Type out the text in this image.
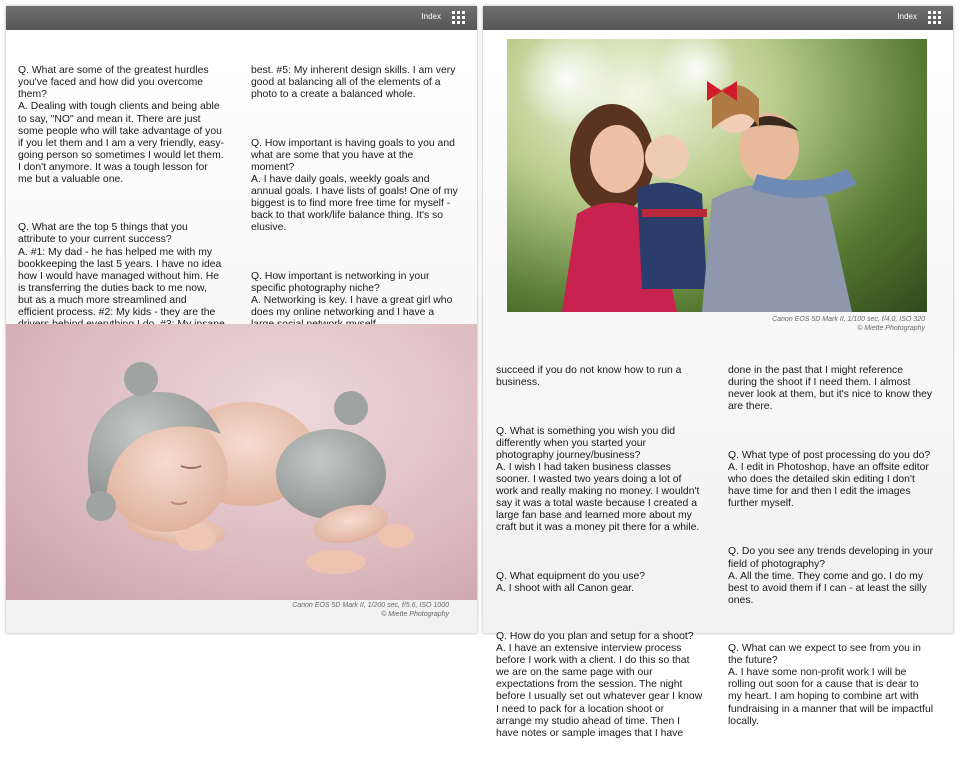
Index

Q. What are some of the greatest hurdles
you've faced and how did you overcome
them?
A. Dealing with tough clients and being able
to say, "NO" and mean it. There are just
some people who will take advantage of you
if you let them and I am a very friendly, easy-
going person so sometimes I would let them.
I don't anymore. It was a tough lesson for
me but a valuable one.

Q. What are the top 5 things that you
attribute to your current success?
A. #1: My dad - he has helped me with my
bookkeeping the last 5 years. I have no idea
how I would have managed without him. He
is transferring the duties back to me now,
but as a much more streamlined and
efficient process. #2: My kids - they are the

best. #5: My inherent design skills. I am very
good at balancing all of the elements of a
photo to a create a balanced whole.

Q. How important is having goals to you and
what are some that you have at the
moment?
A. I have daily goals, weekly goals and
annual goals. I have lists of goals! One of my
biggest is to find more free time for myself -
back to that work/life balance thing. It's so
elusive.

Q. How important is networking in your
specific photography niche?
A. Networking is key. I have a great girl who
does my online networking and I have a

Canon EOS 5D Mark II, 1/200 sec, f/5.6, ISO 1000
© Miette Photography
Index
Canon EOS 5D Mark II, 1/100 sec, f/4.0, ISO 320
© Miette Photography

succeed if you do not know how to run a
business.

Q. What is something you wish you did
differently when you started your
photography journey/business?
A. I wish I had taken business classes
sooner. I wasted two years doing a lot of
work and really making no money. I wouldn't
say it was a total waste because I created a
large fan base and learned more about my
craft but it was a money pit there for a while.

Q. What equipment do you use?
A. I shoot with all Canon gear.

Q. How do you plan and setup for a shoot?
A. I have an extensive interview process
before I work with a client. I do this so that
we are on the same page with our
expectations from the session. The night
before I usually set out whatever gear I know
I need to pack for a location shoot or
arrange my studio ahead of time. Then I
have notes or sample images that I have

done in the past that I might reference
during the shoot if I need them. I almost
never look at them, but it's nice to know they
are there.

Q. What type of post processing do you do?
A. I edit in Photoshop, have an offsite editor
who does the detailed skin editing I don't
have time for and then I edit the images
further myself.

Q. Do you see any trends developing in your
field of photography?
A. All the time. They come and go. I do my
best to avoid them if I can - at least the silly
ones.

Q. What can we expect to see from you in
the future?
A. I have some non-profit work I will be
rolling out soon for a cause that is dear to
my heart. I am hoping to combine art with
fundraising in a manner that will be impactful
locally.
